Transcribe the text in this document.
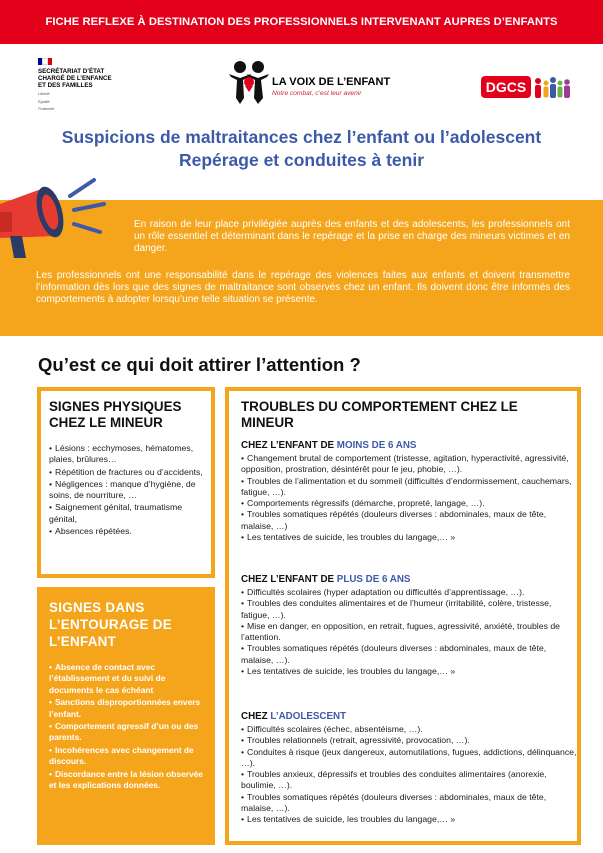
FICHE REFLEXE À DESTINATION DES PROFESSIONNELS INTERVENANT AUPRES D’ENFANTS
SECRÉTARIAT D’ÉTAT
CHARGÉ DE L’ENFANCE
ET DES FAMILLES
Liberté
Égalité
Fraternité
LA VOIX DE L’ENFANT
Notre combat, c’est leur avenir	DGCS
Suspicions de maltraitances chez l’enfant ou l’adolescent
Repérage et conduites à tenir

En raison de leur place privilégiée auprès des enfants et des adolescents, les professionnels ont un rôle essentiel et déterminant dans le repérage et la prise en charge des mineurs victimes et en danger.

Les professionnels ont une responsabilité dans le repérage des violences faites aux enfants et doivent transmettre l’information dès lors que des signes de maltraitance sont observés chez un enfant. Ils doivent donc être informés des comportements à adopter lorsqu’une telle situation se présente.

Qu’est ce qui doit attirer l’attention ?
SIGNES PHYSIQUES CHEZ LE MINEUR
• Lésions : ecchymoses, hématomes, plaies, brûlures…
• Répétition de fractures ou d’accidents,
• Négligences : manque d’hygiène, de soins, de nourriture, …
• Saignement génital, traumatisme génital,
• Absences répétées.
TROUBLES DU COMPORTEMENT CHEZ LE MINEUR
CHEZ L’ENFANT DE MOINS DE 6 ANS
• Changement brutal de comportement (tristesse, agitation, hyperactivité, agressivité, opposition, prostration, désintérêt pour le jeu, phobie, …).
• Troubles de l’alimentation et du sommeil (difficultés d’endormissement, cauchemars, fatigue, …).
• Comportements régressifs (démarche, propreté, langage, …).
• Troubles somatiques répétés (douleurs diverses : abdominales, maux de tête, malaise, …)
• Les tentatives de suicide, les troubles du langage,… »
CHEZ L’ENFANT DE PLUS DE 6 ANS
• Difficultés scolaires (hyper adaptation ou difficultés d’apprentissage, …).
• Troubles des conduites alimentaires et de l’humeur (irritabilité, colère, tristesse, fatigue, …).
• Mise en danger, en opposition, en retrait, fugues, agressivité, anxiété, troubles de l’attention.
• Troubles somatiques répétés (douleurs diverses : abdominales, maux de tête, malaise, …).
• Les tentatives de suicide, les troubles du langage,… »
CHEZ L’ADOLESCENT
• Difficultés scolaires (échec, absentéisme, …).
• Troubles relationnels (retrait, agressivité, provocation, …).
• Conduites à risque (jeux dangereux, automutilations, fugues, addictions, délinquance, …).
• Troubles anxieux, dépressifs et troubles des conduites alimentaires (anorexie, boulimie, …).
• Troubles somatiques répétés (douleurs diverses : abdominales, maux de tête, malaise, …).
• Les tentatives de suicide, les troubles du langage,… »
SIGNES DANS L’ENTOURAGE DE L’ENFANT
• Absence de contact avec l’établissement et du suivi de documents le cas échéant
• Sanctions disproportionnées envers l’enfant.
• Comportement agressif d’un ou des parents.
• Incohérences avec changement de discours.
• Discordance entre la lésion observée et les explications données.
